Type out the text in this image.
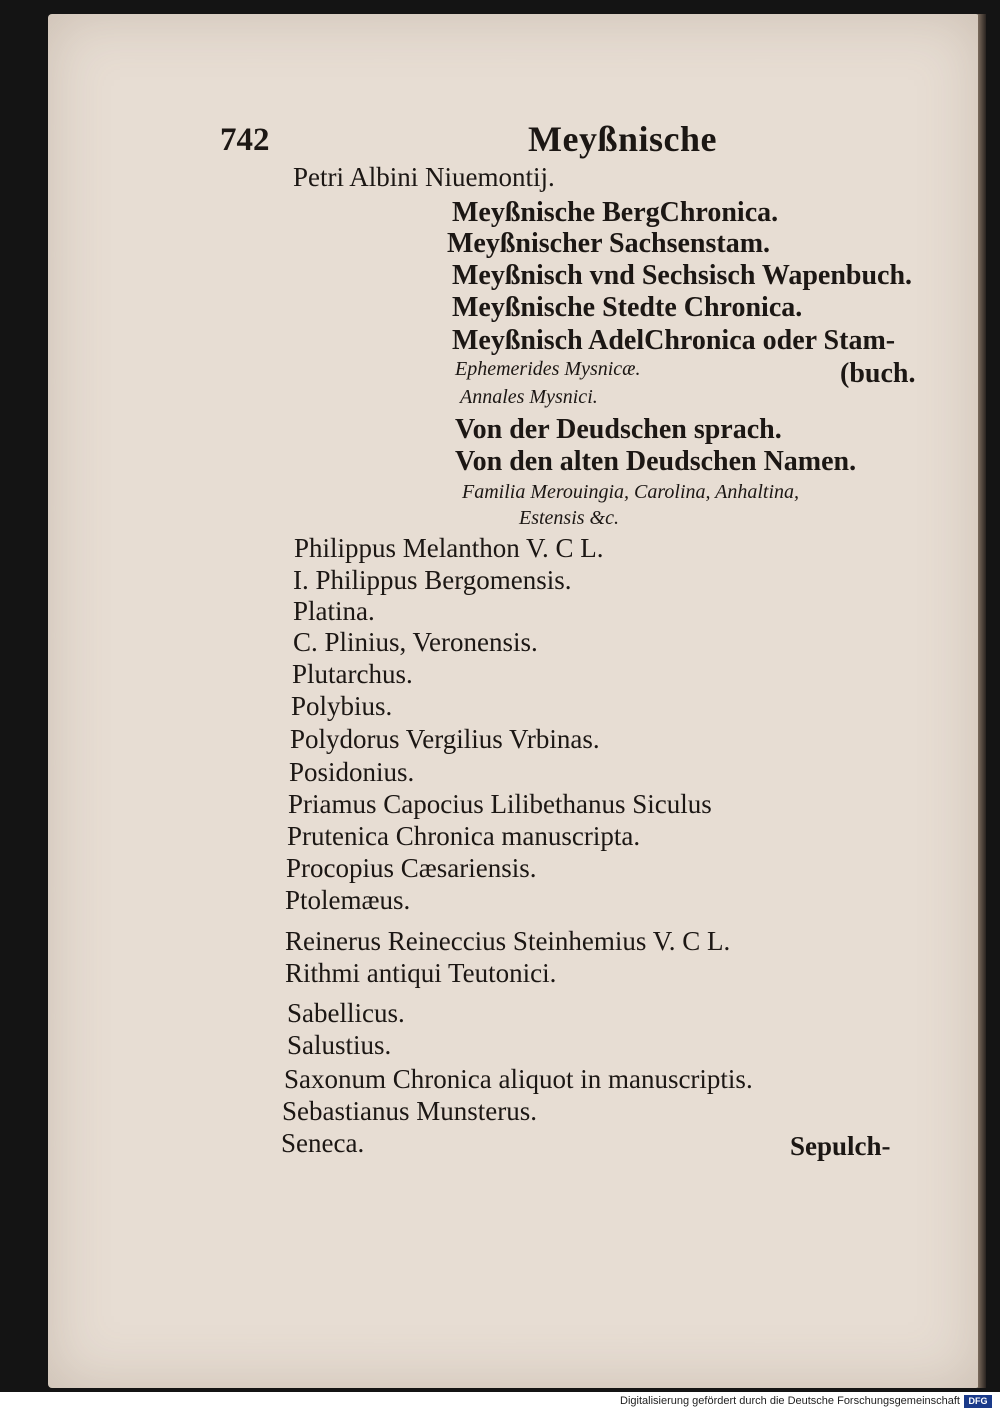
742	Meyßnische
Petri Albini Niuemontij.
Meyßnische BergChronica.
Meyßnischer Sachsenstam.
Meyßnisch vnd Sechsisch Wapenbuch.
Meyßnische Stedte Chronica.
Meyßnisch AdelChronica oder Stam-
Ephemerides Mysnicæ.	(buch.
Annales Mysnici.
Von der Deudschen sprach.
Von den alten Deudschen Namen.
Familia Merouingia, Carolina, Anhaltina,
Estensis &c.
Philippus Melanthon V. C L.
I. Philippus Bergomensis.
Platina.
C. Plinius, Veronensis.
Plutarchus.
Polybius.
Polydorus Vergilius Vrbinas.
Posidonius.
Priamus Capocius Lilibethanus Siculus
Prutenica Chronica manuscripta.
Procopius Cæsariensis.
Ptolemæus.
Reinerus Reineccius Steinhemius V. C L.
Rithmi antiqui Teutonici.
Sabellicus.
Salustius.
Saxonum Chronica aliquot in manuscriptis.
Sebastianus Munsterus.
Seneca.	Sepulch-
Digitalisierung gefördert durch die Deutsche Forschungsgemeinschaft DFG
